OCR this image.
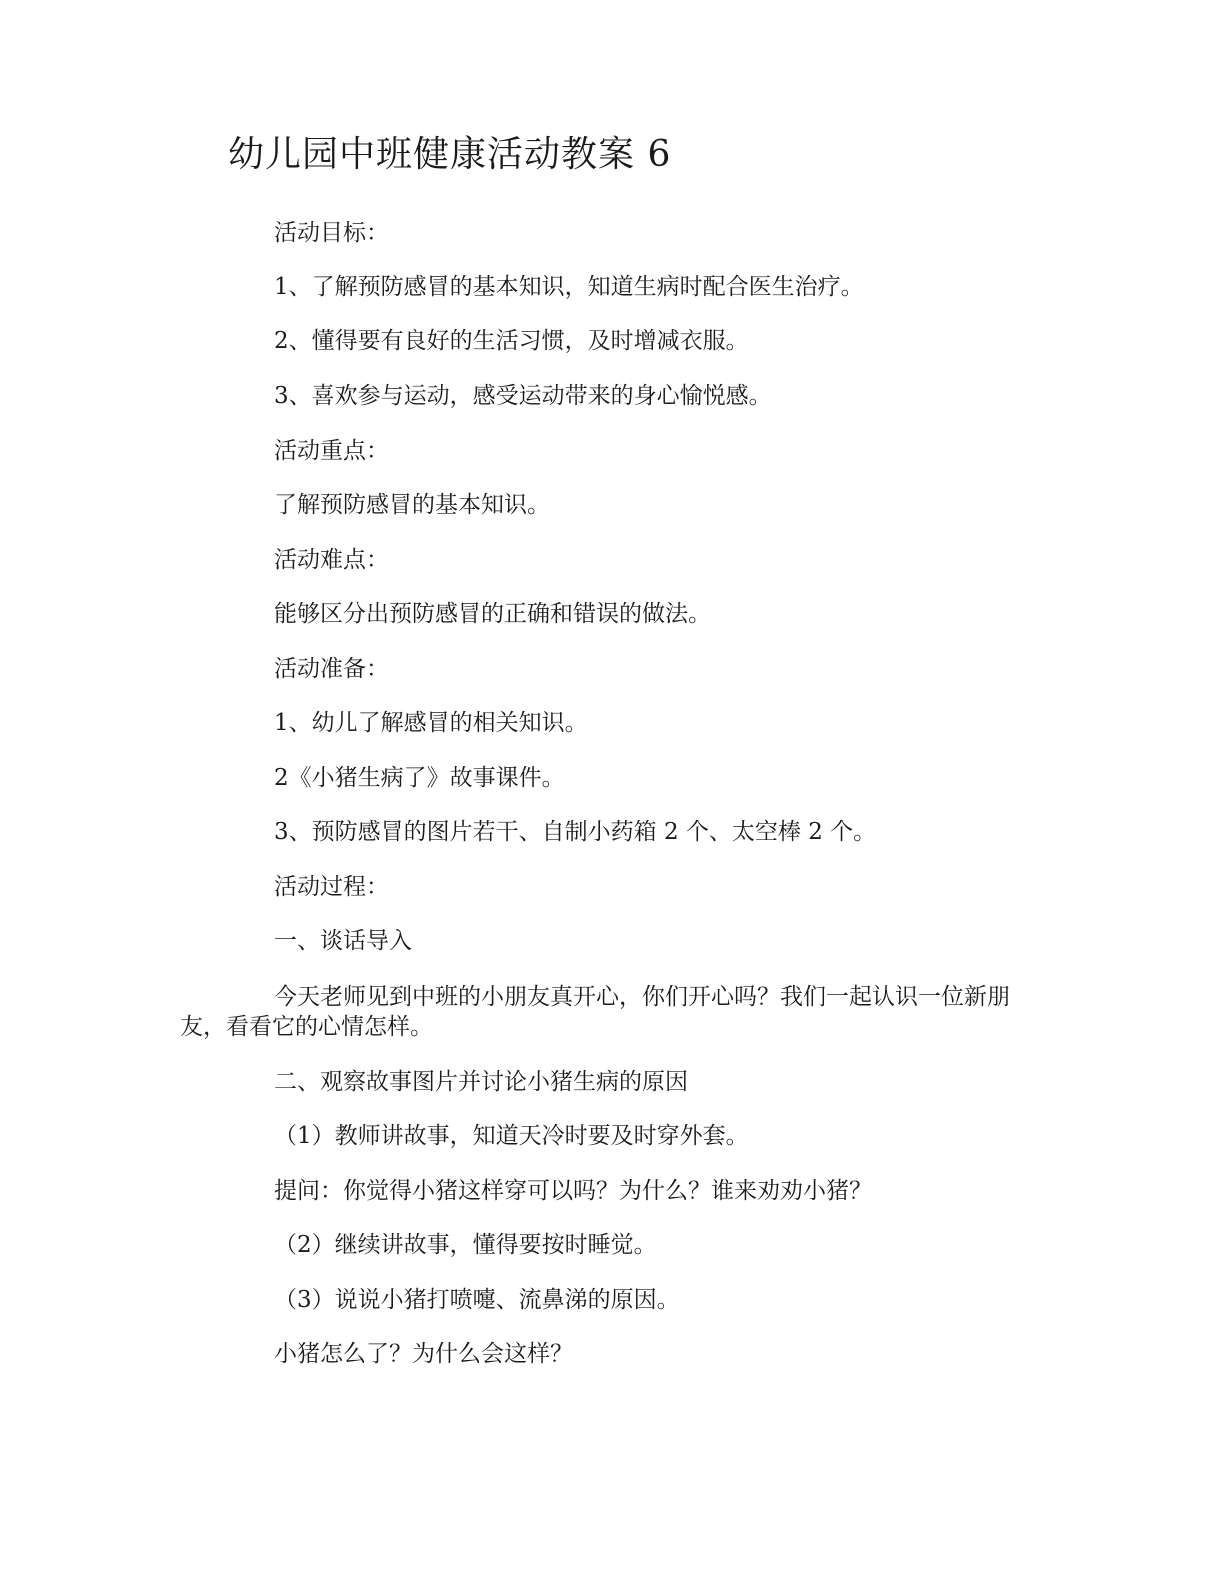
幼儿园中班健康活动教案 6
活动目标：
1、了解预防感冒的基本知识，知道生病时配合医生治疗。
2、懂得要有良好的生活习惯，及时增减衣服。
3、喜欢参与运动，感受运动带来的身心愉悦感。
活动重点：
了解预防感冒的基本知识。
活动难点：
能够区分出预防感冒的正确和错误的做法。
活动准备：
1、幼儿了解感冒的相关知识。
2《小猪生病了》故事课件。
3、预防感冒的图片若干、自制小药箱 2 个、太空棒 2 个。
活动过程：
一、谈话导入
今天老师见到中班的小朋友真开心，你们开心吗？我们一起认识一位新朋友，看看它的心情怎样。
二、观察故事图片并讨论小猪生病的原因
（1）教师讲故事，知道天冷时要及时穿外套。
提问：你觉得小猪这样穿可以吗？为什么？谁来劝劝小猪？
（2）继续讲故事，懂得要按时睡觉。
（3）说说小猪打喷嚏、流鼻涕的原因。
小猪怎么了？为什么会这样？
